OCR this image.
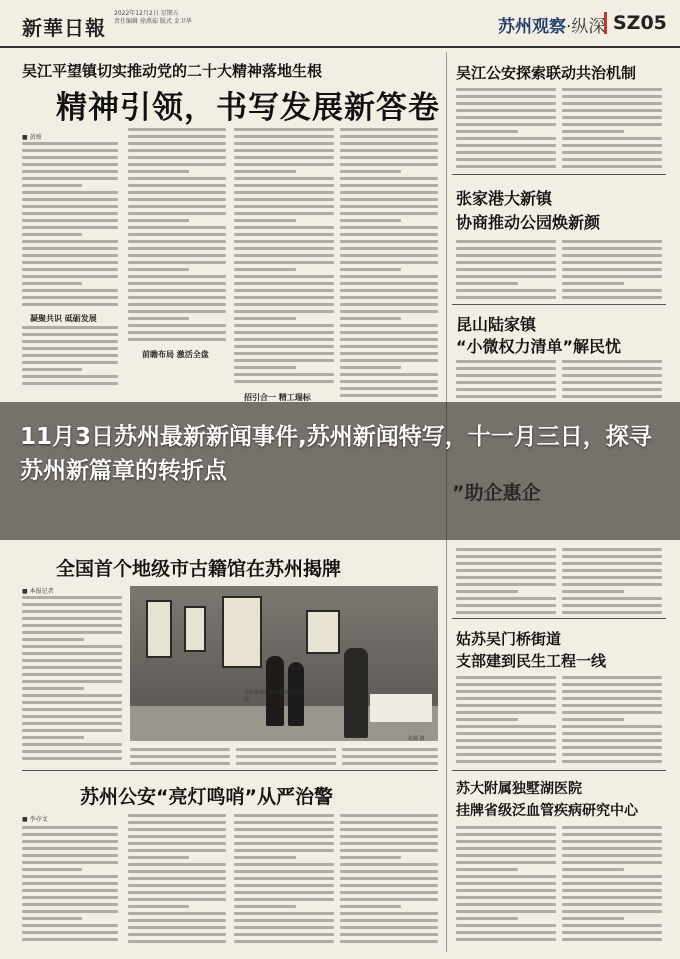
新華日報
2022年12月2日 星期五
责任编辑 徐燕茹 版式 金卫华	苏州观察·纵深 SZ05
吴江平望镇切实推动党的二十大精神落地生根
精神引领，书写发展新答卷
■ 黄竣
凝聚共识 砥砺发展
前瞻布局 激活全盘
招引合一 精工瑞标
吴江公安探索联动共治机制
张家港大新镇
协商推动公园焕新颜
昆山陆家镇
“小微权力清单”解民忧
全国首个地级市古籍馆在苏州揭牌
■ 本报记者
市民参观苏州古籍保护成果展
张璐 摄
姑苏吴门桥街道
支部建到民生工程一线
苏大附属独墅湖医院
挂牌省级泛血管疾病研究中心
苏州公安“亮灯鸣哨”从严治警
■ 李亦文
11月3日苏州最新新闻事件,苏州新闻特写，十一月三日，探寻苏州新篇章的转折点
